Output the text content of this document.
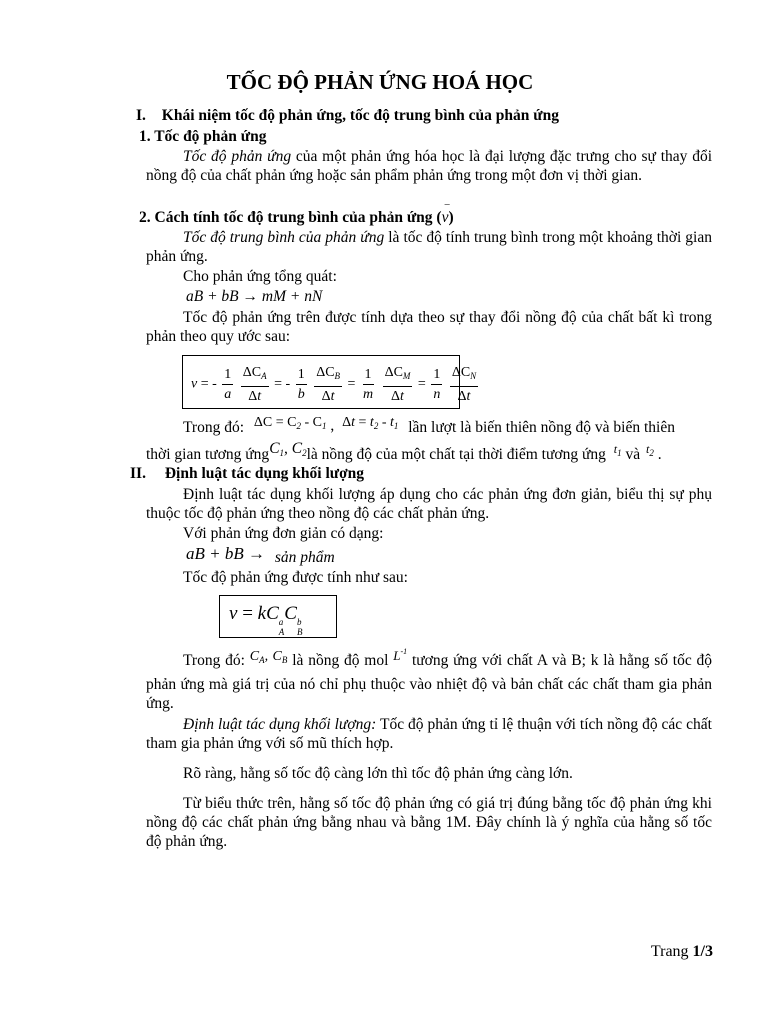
TỐC ĐỘ PHẢN ỨNG HOÁ HỌC
I. Khái niệm tốc độ phản ứng, tốc độ trung bình của phản ứng
1. Tốc độ phản ứng
Tốc độ phản ứng của một phản ứng hóa học là đại lượng đặc trưng cho sự thay đổi nồng độ của chất phản ứng hoặc sản phẩm phản ứng trong một đơn vị thời gian.
2. Cách tính tốc độ trung bình của phản ứng (
–
v)
Tốc độ trung bình của phản ứng là tốc độ tính trung bình trong một khoảng thời gian phản ứng.
Cho phản ứng tổng quát:
aB + bB → mM + nN
Tốc độ phản ứng trên được tính dựa theo sự thay đổi nồng độ của chất bất kì trong phản theo quy ước sau:
v = - $\frac{1}{a}$
$\frac{\Delta C_A}{\Delta t}$ = - $\frac{1}{b}$
$\frac{\Delta C_B}{\Delta t} = \frac{1}{m}$
$\frac{\Delta C_M}{\Delta t} = \frac{1}{n}$
$\frac{\Delta C_N}{\Delta t}$
Trong đó: $\Delta C = C_2 - C_1$ , $\Delta t = t_2 - t_1$ lần lượt là biến thiên nồng độ và biến thiên
thời gian tương ứngC$_1$, $C_2là$ nồng độ của một chất tại thời điểm tương ứng $^{t_1}$ và $^{t_2}$ .
II. Định luật tác dụng khối lượng
Định luật tác dụng khối lượng áp dụng cho các phản ứng đơn giản, biểu thị sự phụ thuộc tốc độ phản ứng theo nồng độ các chất phản ứng.
Với phản ứng đơn giản có dạng:
aB + bB → sản phẩm
Tốc độ phản ứng được tính như sau:
v = kC a
A
C b
B
Trong đó: $C_A$, $C_B$ là nồng độ mol $^{L^{-1}}$ tương ứng với chất A và B; k là hằng số tốc độ phản ứng mà giá trị của nó chỉ phụ thuộc vào nhiệt độ và bản chất các chất tham gia phản ứng.
Định luật tác dụng khối lượng: Tốc độ phản ứng tỉ lệ thuận với tích nồng độ các chất tham gia phản ứng với số mũ thích hợp.
Rõ ràng, hằng số tốc độ càng lớn thì tốc độ phản ứng càng lớn.
Từ biểu thức trên, hằng số tốc độ phản ứng có giá trị đúng bằng tốc độ phản ứng khi nồng độ các chất phản ứng bằng nhau và bằng 1M. Đây chính là ý nghĩa của hằng số tốc độ phản ứng.
Trang 1/3
